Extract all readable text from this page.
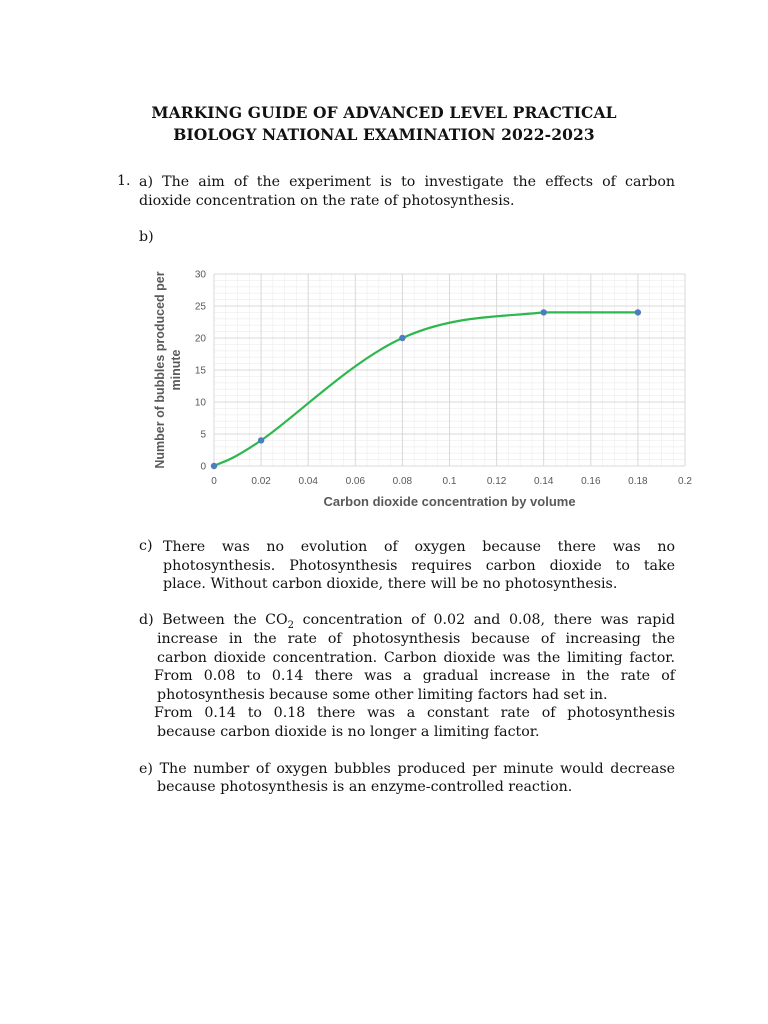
MARKING GUIDE OF ADVANCED LEVEL PRACTICAL
BIOLOGY NATIONAL EXAMINATION 2022-2023
1. a) The aim of the experiment is to investigate the effects of carbon
dioxide concentration on the rate of photosynthesis.
b)
0	0.02	0.04	0.06	0.08	0.1	0.12	0.14	0.16	0.18	0.2
0
5
10
15
20
25
30
Carbon dioxide concentration by volume
Number of bubbles produced per minute
c) There was no evolution of oxygen because there was no
photosynthesis. Photosynthesis requires carbon dioxide to take
place. Without carbon dioxide, there will be no photosynthesis.
d) Between the $CO_2$ concentration of 0.02 and 0.08, there was rapid
increase in the rate of photosynthesis because of increasing the
carbon dioxide concentration. Carbon dioxide was the limiting factor.
From 0.08 to 0.14 there was a gradual increase in the rate of
photosynthesis because some other limiting factors had set in.
From 0.14 to 0.18 there was a constant rate of photosynthesis
because carbon dioxide is no longer a limiting factor.
e) The number of oxygen bubbles produced per minute would decrease
because photosynthesis is an enzyme-controlled reaction.
